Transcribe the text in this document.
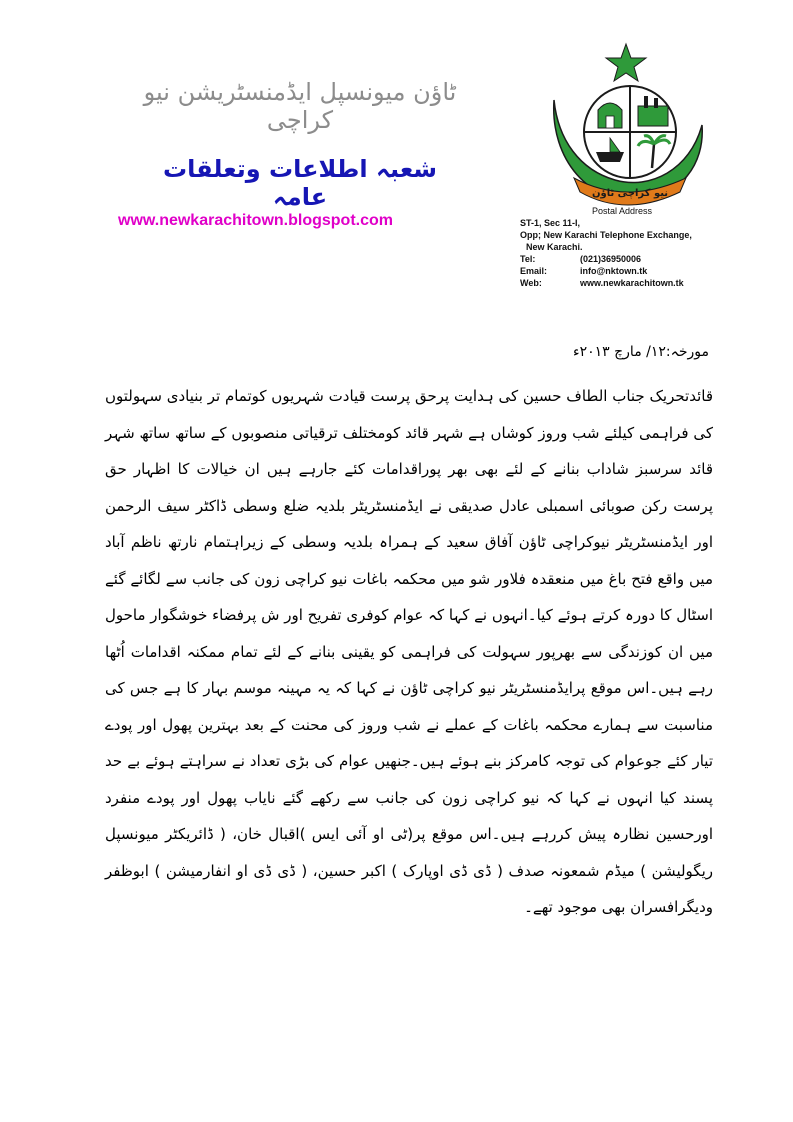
ٹاؤن میونسپل ایڈمنسٹریشن نیو کراچی
شعبہ اطلاعات وتعلقات عامہ
www.newkarachitown.blogspot.com
نیو کراچی ٹاؤن
Postal Address
ST-1, Sec 11-I,
Opp; New Karachi Telephone Exchange,
New Karachi.
Tel:	(021)36950006
Email:	info@nktown.tk
Web:	www.newkarachitown.tk
مورخہ:۱۲/ مارچ ۲۰۱۳ء
قائدتحریک جناب الطاف حسین کی ہدایت پرحق پرست قیادت شہریوں کوتمام تر بنیادی سہولتوں کی فراہمی کیلئے شب وروز کوشاں ہے شہر قائد کومختلف ترقیاتی منصوبوں کے ساتھ ساتھ شہر قائد سرسبز شاداب بنانے کے لئے بھی بھر پوراقدامات کئے جارہے ہیں ان خیالات کا اظہار حق پرست رکن صوبائی اسمبلی عادل صدیقی نے ایڈمنسٹریٹر بلدیہ ضلع وسطی ڈاکٹر سیف الرحمن اور ایڈمنسٹریٹر نیوکراچی ٹاؤن آفاق سعید کے ہمراہ بلدیہ وسطی کے زیراہتمام نارتھ ناظم آباد میں واقع فتح باغ میں منعقدہ فلاور شو میں محکمہ باغات نیو کراچی زون کی جانب سے لگائے گئے اسٹال کا دورہ کرتے ہوئے کیا۔انہوں نے کہا کہ عوام کوفری تفریح اور ش پرفضاء خوشگوار ماحول میں ان کوزندگی سے بھرپور سہولت کی فراہمی کو یقینی بنانے کے لئے تمام ممکنہ اقدامات اُٹھا رہے ہیں۔اس موقع پرایڈمنسٹریٹر نیو کراچی ٹاؤن نے کہا کہ یہ مہینہ موسم بہار کا ہے جس کی مناسبت سے ہمارے محکمہ باغات کے عملے نے شب وروز کی محنت کے بعد بہترین پھول اور پودے تیار کئے جوعوام کی توجہ کامرکز بنے ہوئے ہیں۔جنھیں عوام کی بڑی تعداد نے سراہتے ہوئے بے حد پسند کیا انہوں نے کہا کہ نیو کراچی زون کی جانب سے رکھے گئے نایاب پھول اور پودے منفرد اورحسین نظارہ پیش کررہے ہیں۔اس موقع پر(ٹی او آئی ایس )اقبال خان، ( ڈائریکٹر میونسپل ریگولیشن ) میڈم شمعونہ صدف ( ڈی ڈی اوپارک ) اکبر حسین، ( ڈی ڈی او انفارمیشن ) ابوظفر ودیگرافسران بھی موجود تھے۔
